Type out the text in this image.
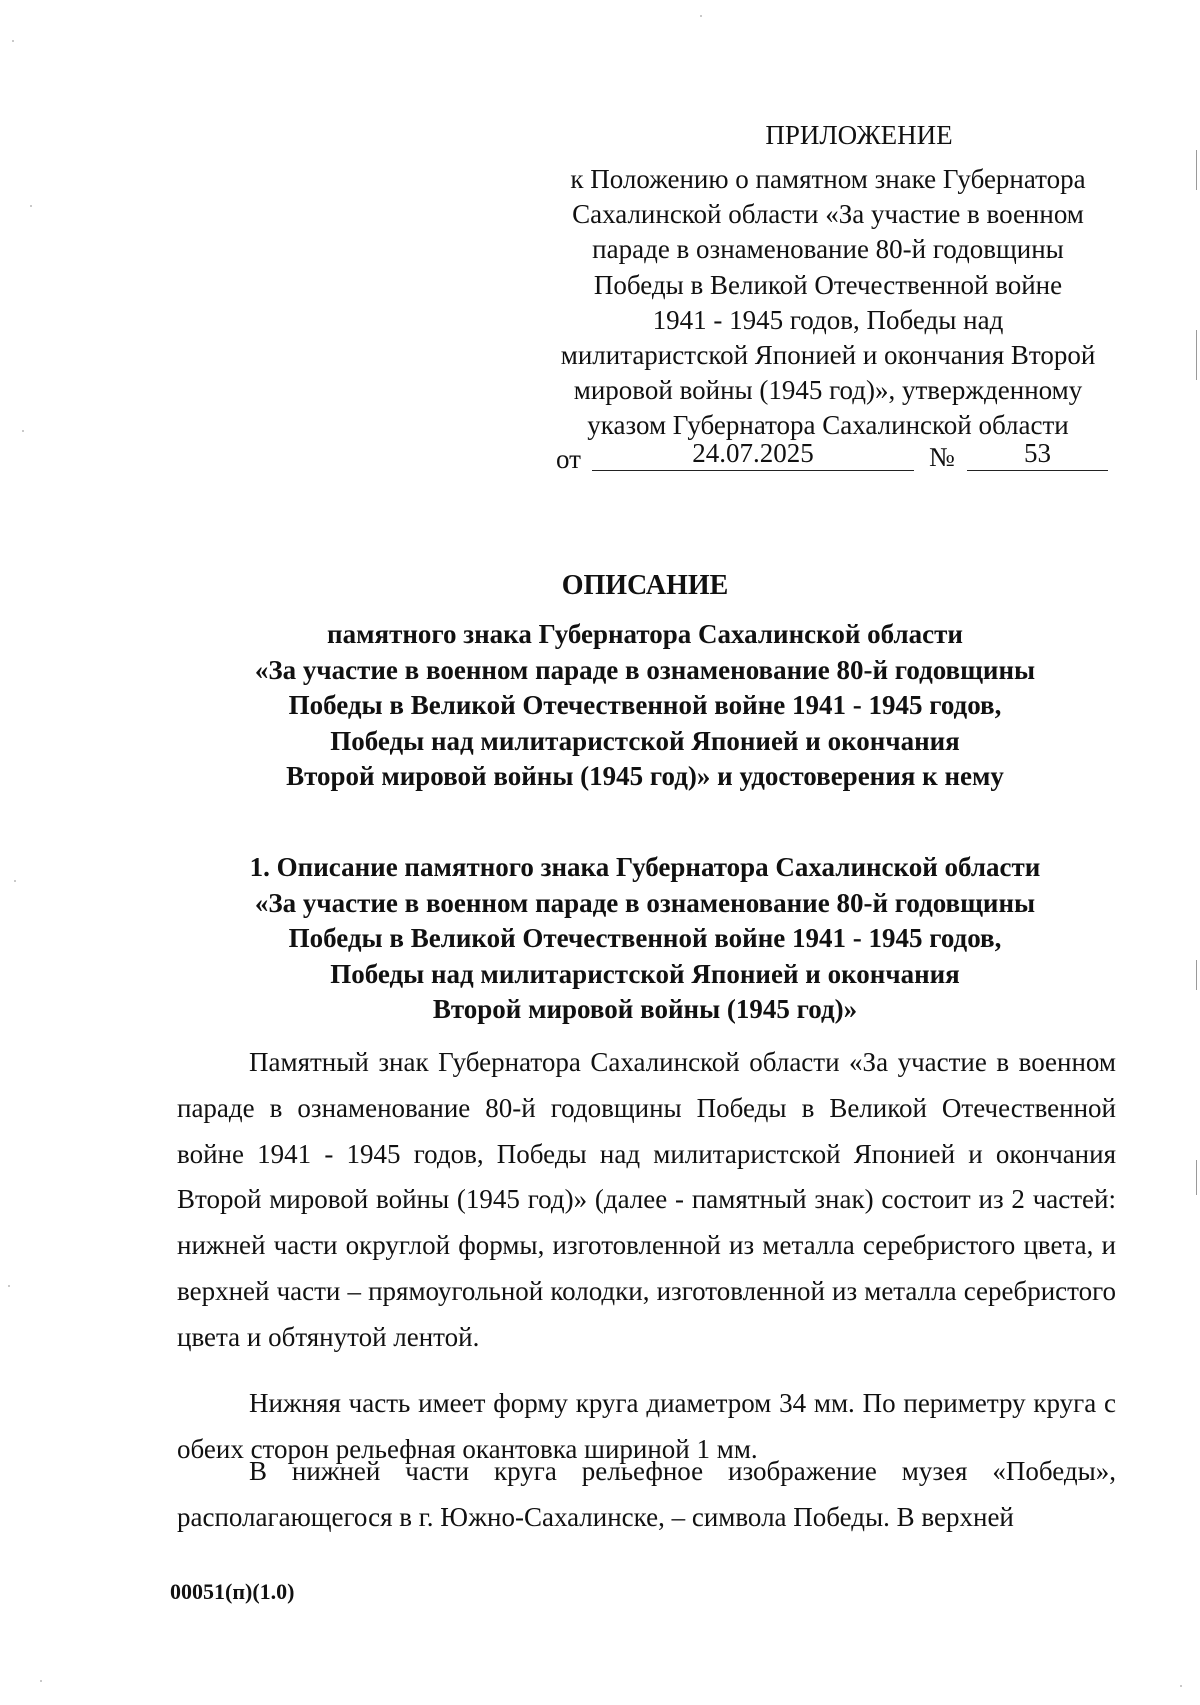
ПРИЛОЖЕНИЕ
к Положению о памятном знаке Губернатора
Сахалинской области «За участие в военном
параде в ознаменование 80-й годовщины
Победы в Великой Отечественной войне
1941 - 1945 годов, Победы над
милитаристской Японией и окончания Второй
мировой войны (1945 год)», утвержденному
указом Губернатора Сахалинской области
от	24.07.2025	№	53
ОПИСАНИЕ
памятного знака Губернатора Сахалинской области
«За участие в военном параде в ознаменование 80-й годовщины
Победы в Великой Отечественной войне 1941 - 1945 годов,
Победы над милитаристской Японией и окончания
Второй мировой войны (1945 год)» и удостоверения к нему
1. Описание памятного знака Губернатора Сахалинской области
«За участие в военном параде в ознаменование 80-й годовщины
Победы в Великой Отечественной войне 1941 - 1945 годов,
Победы над милитаристской Японией и окончания
Второй мировой войны (1945 год)»

Памятный знак Губернатора Сахалинской области «За участие в военном параде в ознаменование 80-й годовщины Победы в Великой Отечественной войне 1941 - 1945 годов, Победы над милитаристской Японией и окончания Второй мировой войны (1945 год)» (далее - памятный знак) состоит из 2 частей: нижней части округлой формы, изготовленной из металла серебристого цвета, и верхней части – прямоугольной колодки, изготовленной из металла серебристого цвета и обтянутой лентой.

Нижняя часть имеет форму круга диаметром 34 мм. По периметру круга с обеих сторон рельефная окантовка шириной 1 мм.

В нижней части круга рельефное изображение музея «Победы», располагающегося в г. Южно-Сахалинске, – символа Победы. В верхней

00051(п)(1.0)
